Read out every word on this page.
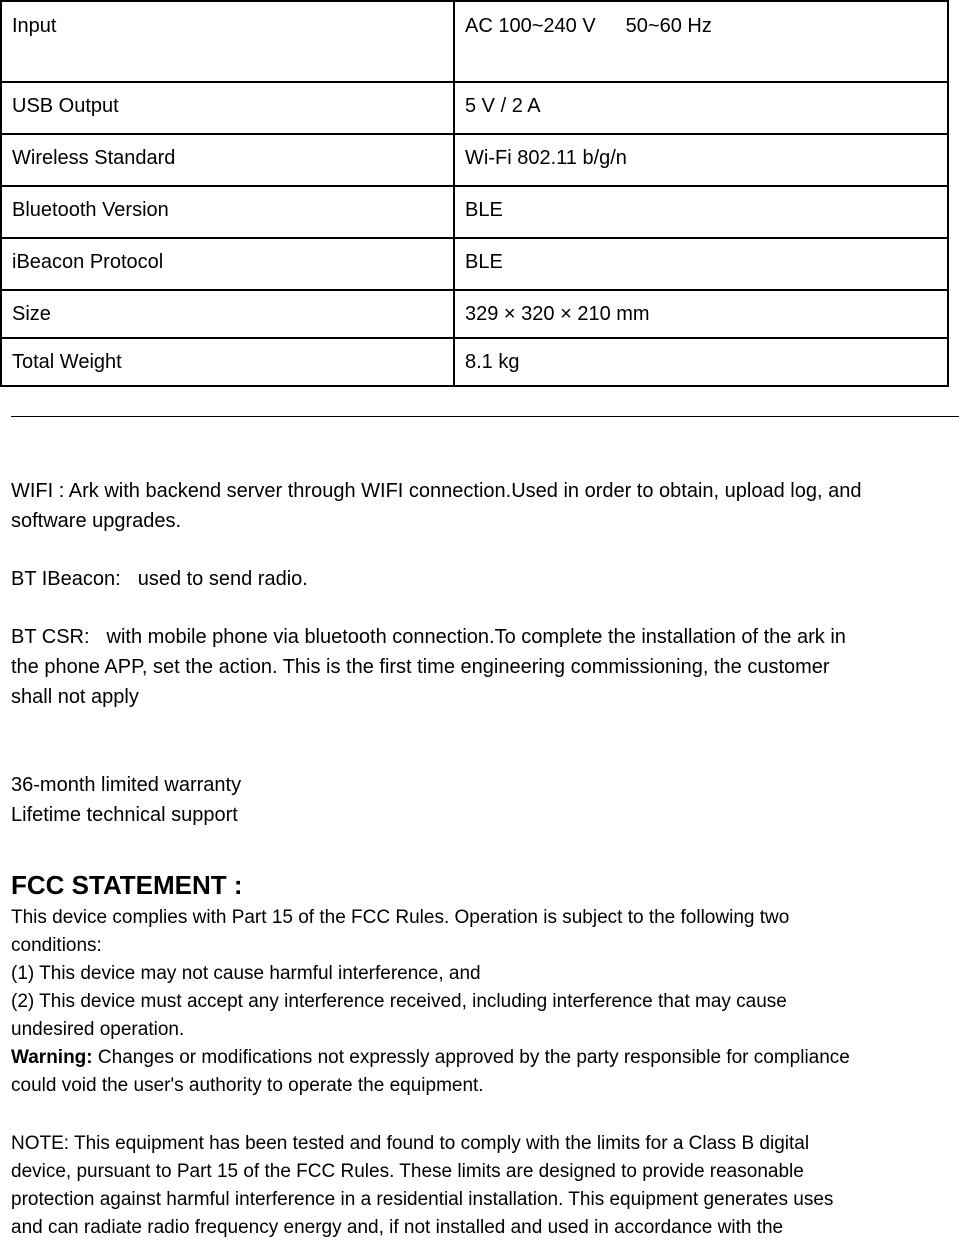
Input	AC 100~240 V 50~60 Hz
USB Output	5 V / 2 A
Wireless Standard	Wi-Fi 802.11 b/g/n
Bluetooth Version	BLE
iBeacon Protocol	BLE
Size	329 × 320 × 210 mm
Total Weight	8.1 kg
WIFI : Ark with backend server through WIFI connection.Used in order to obtain, upload log, and
software upgrades.
BT IBeacon: used to send radio.
BT CSR: with mobile phone via bluetooth connection.To complete the installation of the ark in
the phone APP, set the action. This is the first time engineering commissioning, the customer
shall not apply
36-month limited warranty
Lifetime technical support
FCC STATEMENT :
This device complies with Part 15 of the FCC Rules. Operation is subject to the following two
conditions:
(1) This device may not cause harmful interference, and
(2) This device must accept any interference received, including interference that may cause
undesired operation.
Warning: Changes or modifications not expressly approved by the party responsible for compliance
could void the user's authority to operate the equipment.
NOTE: This equipment has been tested and found to comply with the limits for a Class B digital
device, pursuant to Part 15 of the FCC Rules. These limits are designed to provide reasonable
protection against harmful interference in a residential installation. This equipment generates uses
and can radiate radio frequency energy and, if not installed and used in accordance with the
